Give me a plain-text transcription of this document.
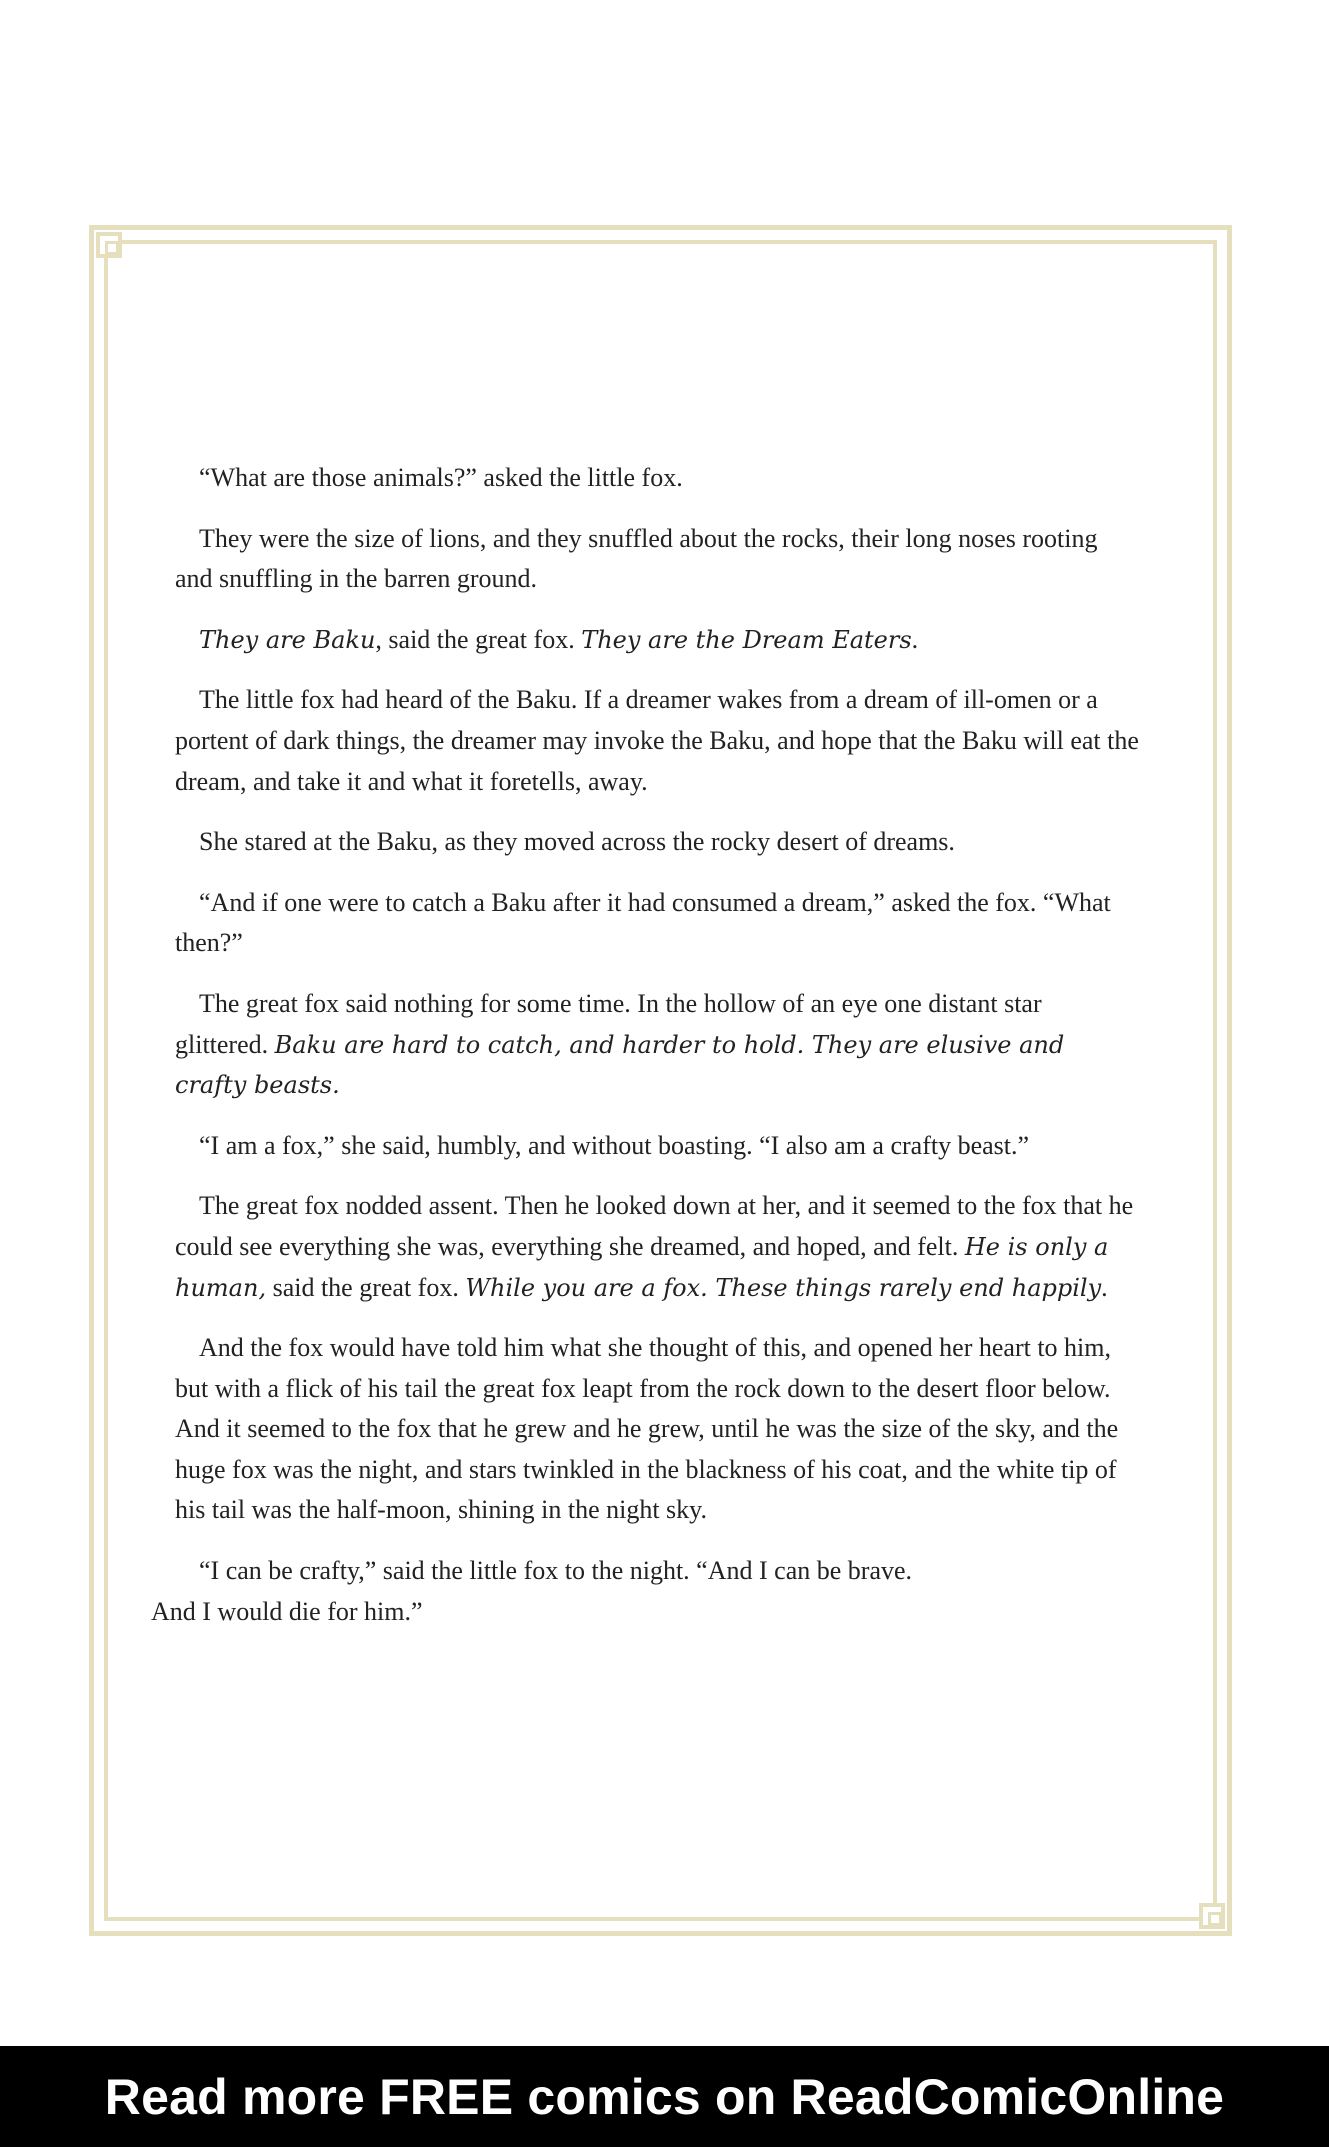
“What are those animals?” asked the little fox.

They were the size of lions, and they snuffled about the rocks, their long noses rooting and snuffling in the barren ground.

They are Baku, said the great fox. They are the Dream Eaters.

The little fox had heard of the Baku. If a dreamer wakes from a dream of ill-omen or a portent of dark things, the dreamer may invoke the Baku, and hope that the Baku will eat the dream, and take it and what it foretells, away.

She stared at the Baku, as they moved across the rocky desert of dreams.

“And if one were to catch a Baku after it had consumed a dream,” asked the fox. “What then?”

The great fox said nothing for some time. In the hollow of an eye one distant star glittered. Baku are hard to catch, and harder to hold. They are elusive and crafty beasts.

“I am a fox,” she said, humbly, and without boasting. “I also am a crafty beast.”

The great fox nodded assent. Then he looked down at her, and it seemed to the fox that he could see everything she was, everything she dreamed, and hoped, and felt. He is only a human, said the great fox. While you are a fox. These things rarely end happily.

And the fox would have told him what she thought of this, and opened her heart to him, but with a flick of his tail the great fox leapt from the rock down to the desert floor below. And it seemed to the fox that he grew and he grew, until he was the size of the sky, and the huge fox was the night, and stars twinkled in the blackness of his coat, and the white tip of his tail was the half-moon, shining in the night sky.

“I can be crafty,” said the little fox to the night. “And I can be brave.
And I would die for him.”

Read more FREE comics on ReadComicOnline
